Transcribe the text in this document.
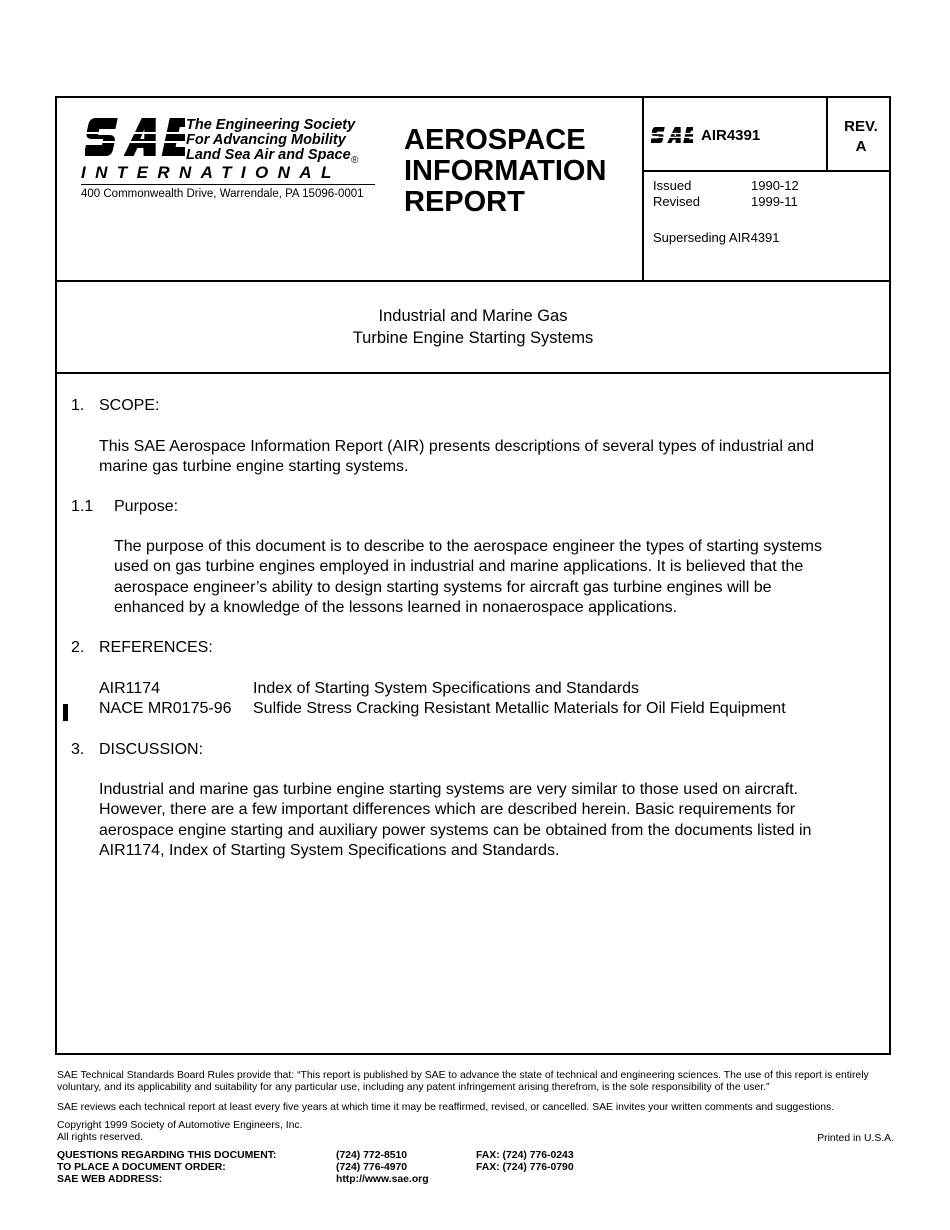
The Engineering Society
For Advancing Mobility
Land Sea Air and Space
INTERNATIONAL
®
400 Commonwealth Drive, Warrendale, PA 15096-0001
AEROSPACE
INFORMATION
REPORT
AIR4391
REV.
A
Issued	1990-12
Revised	1999-11
Superseding AIR4391
Industrial and Marine Gas
Turbine Engine Starting Systems
1. SCOPE:
This SAE Aerospace Information Report (AIR) presents descriptions of several types of industrial and
marine gas turbine engine starting systems.
1.1 Purpose:
The purpose of this document is to describe to the aerospace engineer the types of starting systems
used on gas turbine engines employed in industrial and marine applications. It is believed that the
aerospace engineer’s ability to design starting systems for aircraft gas turbine engines will be
enhanced by a knowledge of the lessons learned in nonaerospace applications.
2. REFERENCES:
AIR1174	Index of Starting System Specifications and Standards
NACE MR0175-96 Sulfide Stress Cracking Resistant Metallic Materials for Oil Field Equipment
3. DISCUSSION:
Industrial and marine gas turbine engine starting systems are very similar to those used on aircraft.
However, there are a few important differences which are described herein. Basic requirements for
aerospace engine starting and auxiliary power systems can be obtained from the documents listed in
AIR1174, Index of Starting System Specifications and Standards.

SAE Technical Standards Board Rules provide that: “This report is published by SAE to advance the state of technical and engineering sciences. The use of this report is entirely
voluntary, and its applicability and suitability for any particular use, including any patent infringement arising therefrom, is the sole responsibility of the user.”

SAE reviews each technical report at least every five years at which time it may be reaffirmed, revised, or cancelled. SAE invites your written comments and suggestions.

Copyright 1999 Society of Automotive Engineers, Inc.

All rights reserved.	Printed in U.S.A.
QUESTIONS REGARDING THIS DOCUMENT:	(724) 772-8510	FAX: (724) 776-0243
TO PLACE A DOCUMENT ORDER:	(724) 776-4970	FAX: (724) 776-0790
SAE WEB ADDRESS:	http://www.sae.org
